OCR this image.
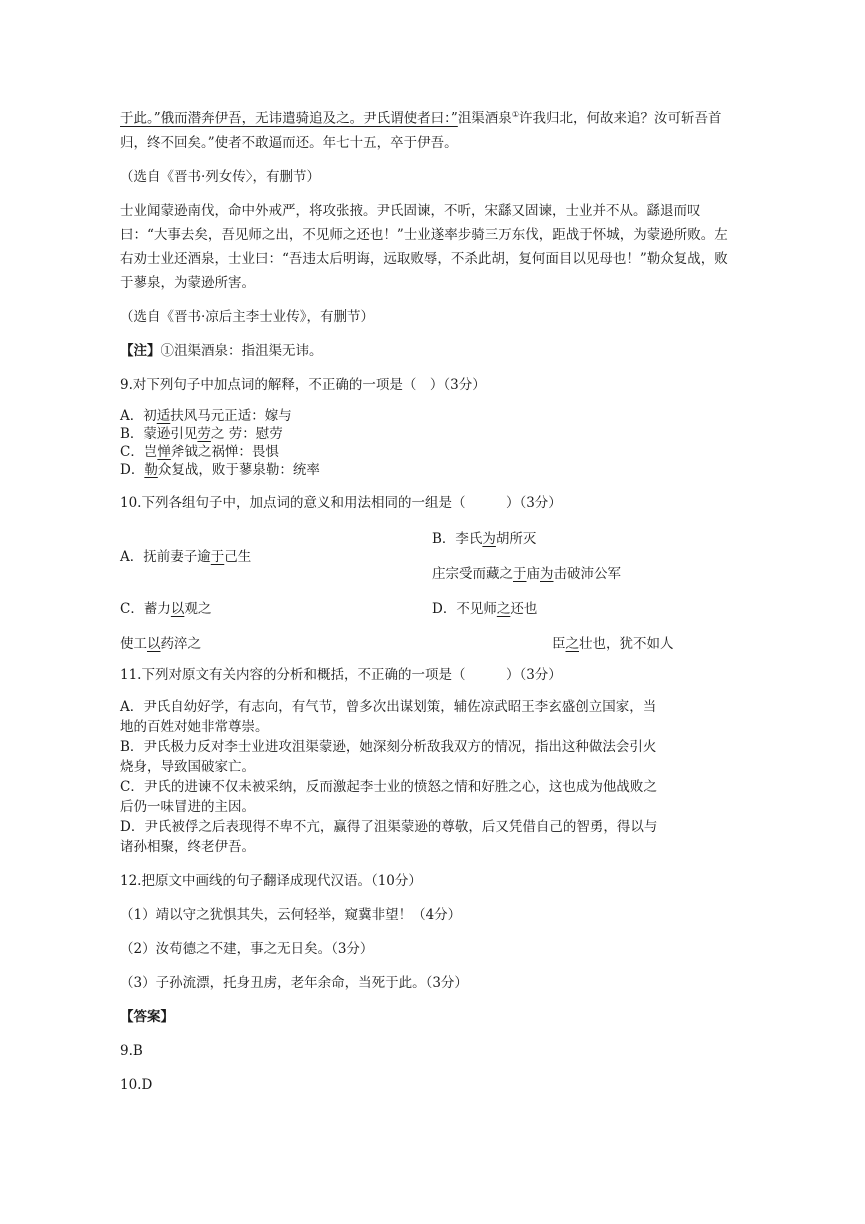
于此。”俄而潜奔伊吾，无讳遣骑追及之。尹氏谓使者曰：”沮渠酒泉①许我归北，何故来追？汝可斩吾首归，终不回矣。”使者不敢逼而还。年七十五，卒于伊吾。

（选自《晋书·列女传〉，有删节）

士业闻蒙逊南伐，命中外戒严，将攻张掖。尹氏固谏，不听，宋繇又固谏，士业并不从。繇退而叹曰：“大事去矣，吾见师之出，不见师之还也！”士业遂率步骑三万东伐，距战于怀城，为蒙逊所败。左右劝士业还酒泉，士业曰：“吾违太后明诲，远取败辱，不杀此胡，复何面目以见母也！”勒众复战，败于蓼泉，为蒙逊所害。

（选自《晋书·凉后主李士业传》，有删节）

【注】①沮渠酒泉：指沮渠无讳。

9.对下列句子中加点词的解释，不正确的一项是（　）（3分）

A．初适扶风马元正适：嫁与

B．蒙逊引见劳之 劳：慰劳

C．岂惮斧钺之祸惮：畏惧

D．勒众复战，败于蓼泉勒：统率

10.下列各组句子中，加点词的意义和用法相同的一组是（　　　）（3分）

B．李氏为胡所灭

A．抚前妻子逾于己生

庄宗受而藏之于庙为击破沛公军

C．蓄力以观之	D．不见师之还也

使工以药淬之	臣之壮也，犹不如人

11.下列对原文有关内容的分析和概括，不正确的一项是（　　　）（3分）

A．尹氏自幼好学，有志向，有气节，曾多次出谋划策，辅佐凉武昭王李玄盛创立国家，当

地的百姓对她非常尊崇。

B．尹氏极力反对李士业进攻沮渠蒙逊，她深刻分析敌我双方的情况，指出这种做法会引火

烧身，导致国破家亡。

C．尹氏的进谏不仅未被采纳，反而激起李士业的愤怒之情和好胜之心，这也成为他战败之

后仍一味冒进的主因。

D．尹氏被俘之后表现得不卑不亢，赢得了沮渠蒙逊的尊敬，后又凭借自己的智勇，得以与

诸孙相聚，终老伊吾。

12.把原文中画线的句子翻译成现代汉语。（10分）

（1）靖以守之犹惧其失，云何轻举，窥冀非望！（4分）

（2）汝苟德之不建，事之无日矣。（3分）

（3）子孙流漂，托身丑虏，老年余命，当死于此。（3分）

【答案】

9.B

10.D
